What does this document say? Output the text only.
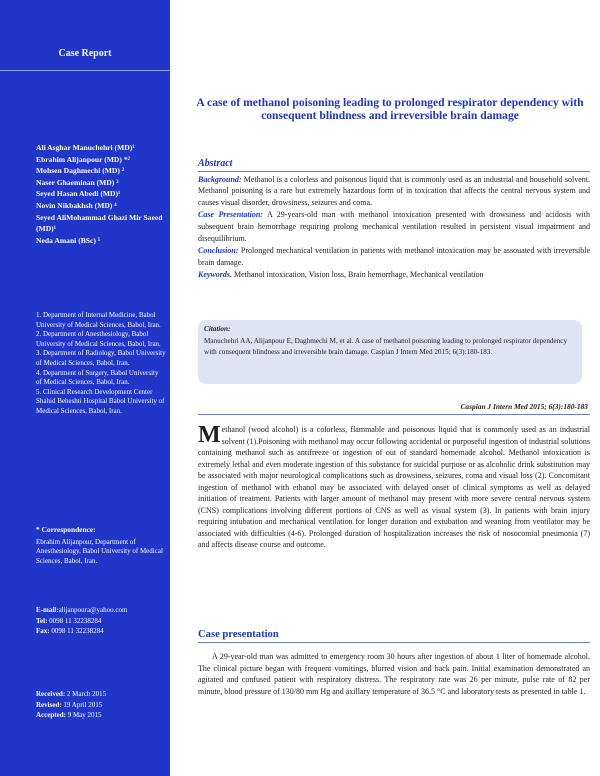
Case Report
Ali Asghar Manuchehri (MD)¹
Ebrahim Alijanpour (MD) *²
Mohsen Daghmechi (MD) ²
Naser Ghaeminan (MD) ³
Seyed Hasan Abedi (MD)¹
Novin Nikbakhsh (MD) ⁴
Seyed AliMohammad Ghazi Mir Saeed (MD)¹
Neda Amani (BSc) ⁵
1. Department of Internal Medicine, Babol University of Medical Sciences, Babol, Iran.
2. Department of Anesthesiology, Babol University of Medical Sciences, Babol, Iran.
3. Department of Radiology, Babol University of Medical Sciences, Babol, Iran.
4. Department of Surgery, Babol University of Medical Sciences, Babol, Iran.
5. Clinical Research Development Center Shahid Beheshti Hospital Babol University of Medical Sciences, Babol, Iran.
* Correspondence:
Ebrahim Alijanpour, Department of Anesthesiology, Babol University of Medical Sciences, Babol, Iran.
E-mail:alijanpoura@yahoo.com
Tel: 0098 11 32238284
Fax: 0098 11 32238284
Received: 2 March 2015
Revised: 19 April 2015
Accepted: 9 May 2015
A case of methanol poisoning leading to prolonged respirator dependency with consequent blindness and irreversible brain damage
Abstract

Background: Methanol is a colorless and poisonous liquid that is commonly used as an industrial and household solvent. Methanol poisoning is a rare but extremely hazardous form of in toxication that affects the central nervous system and causes visual disorder, drowsiness, seizures and coma.

Case Presentation: A 29-years-old man with methanol intoxication presented with drowsiness and acidosis with subsequent brain hemorrhage requiring prolong mechanical ventilation resulted in persistent visual impairment and disequilibrium.

Conclusion: Prolonged mechanical ventilation in patients with methanol intoxication may be assouated with irreversible brain damage.

Keywords. Methanol intoxication, Vision loss, Brain hemorrhage, Mechanical ventilation

Citation:
Manuchehri AA, Alijanpour E, Daghmechi M, et al. A case of methanol poisoning leading to prolonged respirator dependency with consequent blindness and irreversible brain damage. Caspian J Intern Med 2015; 6(3):180-183.
Caspian J Intern Med 2015; 6(3):180-183
Methanol (wood alcohol) is a colorless, flammable and poisonous liquid that is commonly used as an industrial solvent (1).Poisoning with methanol may occur following accidental or purposeful ingestion of industrial solutions containing methanol such as antifreeze or ingestion of out of standard homemade alcohol. Methanol intoxication is extremely lethal and even moderate ingestion of this substance for suicidal purpose or as alcoholic drink substitution may be associated with major neurological complications such as drowsiness, seizures, coma and visual loss (2). Concomitant ingestion of methanol with ethanol may be associated with delayed onset of clinical symptoms as well as delayed initiation of treatment. Patients with larger amount of methanol may present with more severe central nervous system (CNS) complications involving different portions of CNS as well as visual system (3). In patients with brain injury requiring intubation and mechanical ventilation for longer duration and extubation and weaning from ventilator may be associated with difficulties (4-6). Prolonged duration of hospitalization increases the risk of nosocomial pneumonia (7) and affects disease course and outcome.
Case presentation
A 29-year-old man was admitted to emergency room 30 hours after ingestion of about 1 liter of homemade alcohol. The clinical picture began with frequent vomitings, blurred vision and back pain. Initial examination demonstrated an agitated and confused patient with respiratory distress. The respiratory rate was 26 per minute, pulse rate of 82 per minute, blood pressure of 130/80 mm Hg and axillary temperature of 36.5 °C and laboratory tests as presented in table 1.
